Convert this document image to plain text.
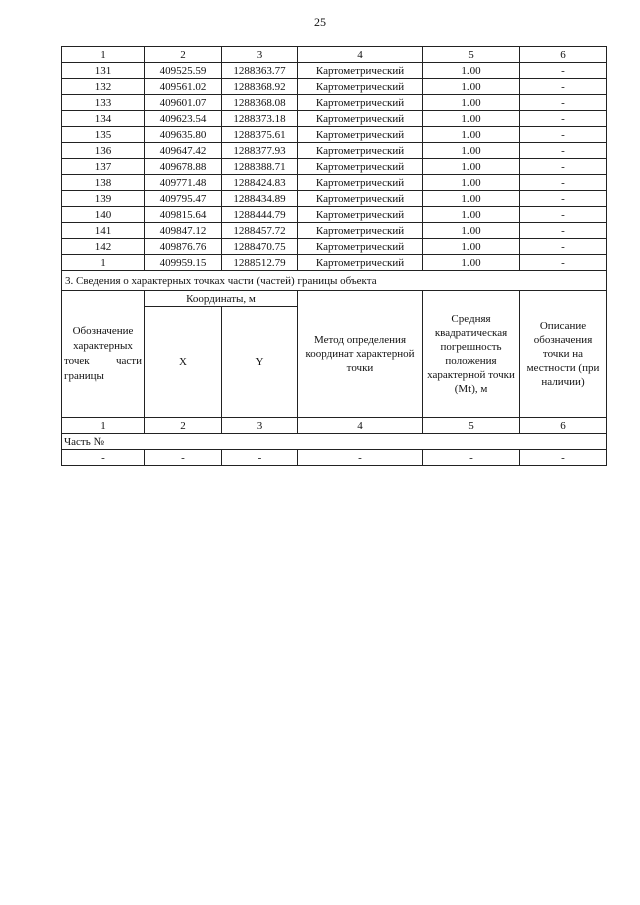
25
1	2	3	4	5	6
131	409525.59	1288363.77	Картометрический	1.00	-
132	409561.02	1288368.92	Картометрический	1.00	-
133	409601.07	1288368.08	Картометрический	1.00	-
134	409623.54	1288373.18	Картометрический	1.00	-
135	409635.80	1288375.61	Картометрический	1.00	-
136	409647.42	1288377.93	Картометрический	1.00	-
137	409678.88	1288388.71	Картометрический	1.00	-
138	409771.48	1288424.83	Картометрический	1.00	-
139	409795.47	1288434.89	Картометрический	1.00	-
140	409815.64	1288444.79	Картометрический	1.00	-
141	409847.12	1288457.72	Картометрический	1.00	-
142	409876.76	1288470.75	Картометрический	1.00	-
1	409959.15	1288512.79	Картометрический	1.00	-
3. Сведения о характерных точках части (частей) границы объекта					
Обозначение характерных точек части
границы	Координаты, м		Метод определения координат характерной точки	Средняя квадратическая погрешность положения характерной точки (Mt), м	Описание обозначения точки на местности (при наличии)
	X	Y			
1	2	3	4	5	6
Часть №					
-	-	-	-	-	-
